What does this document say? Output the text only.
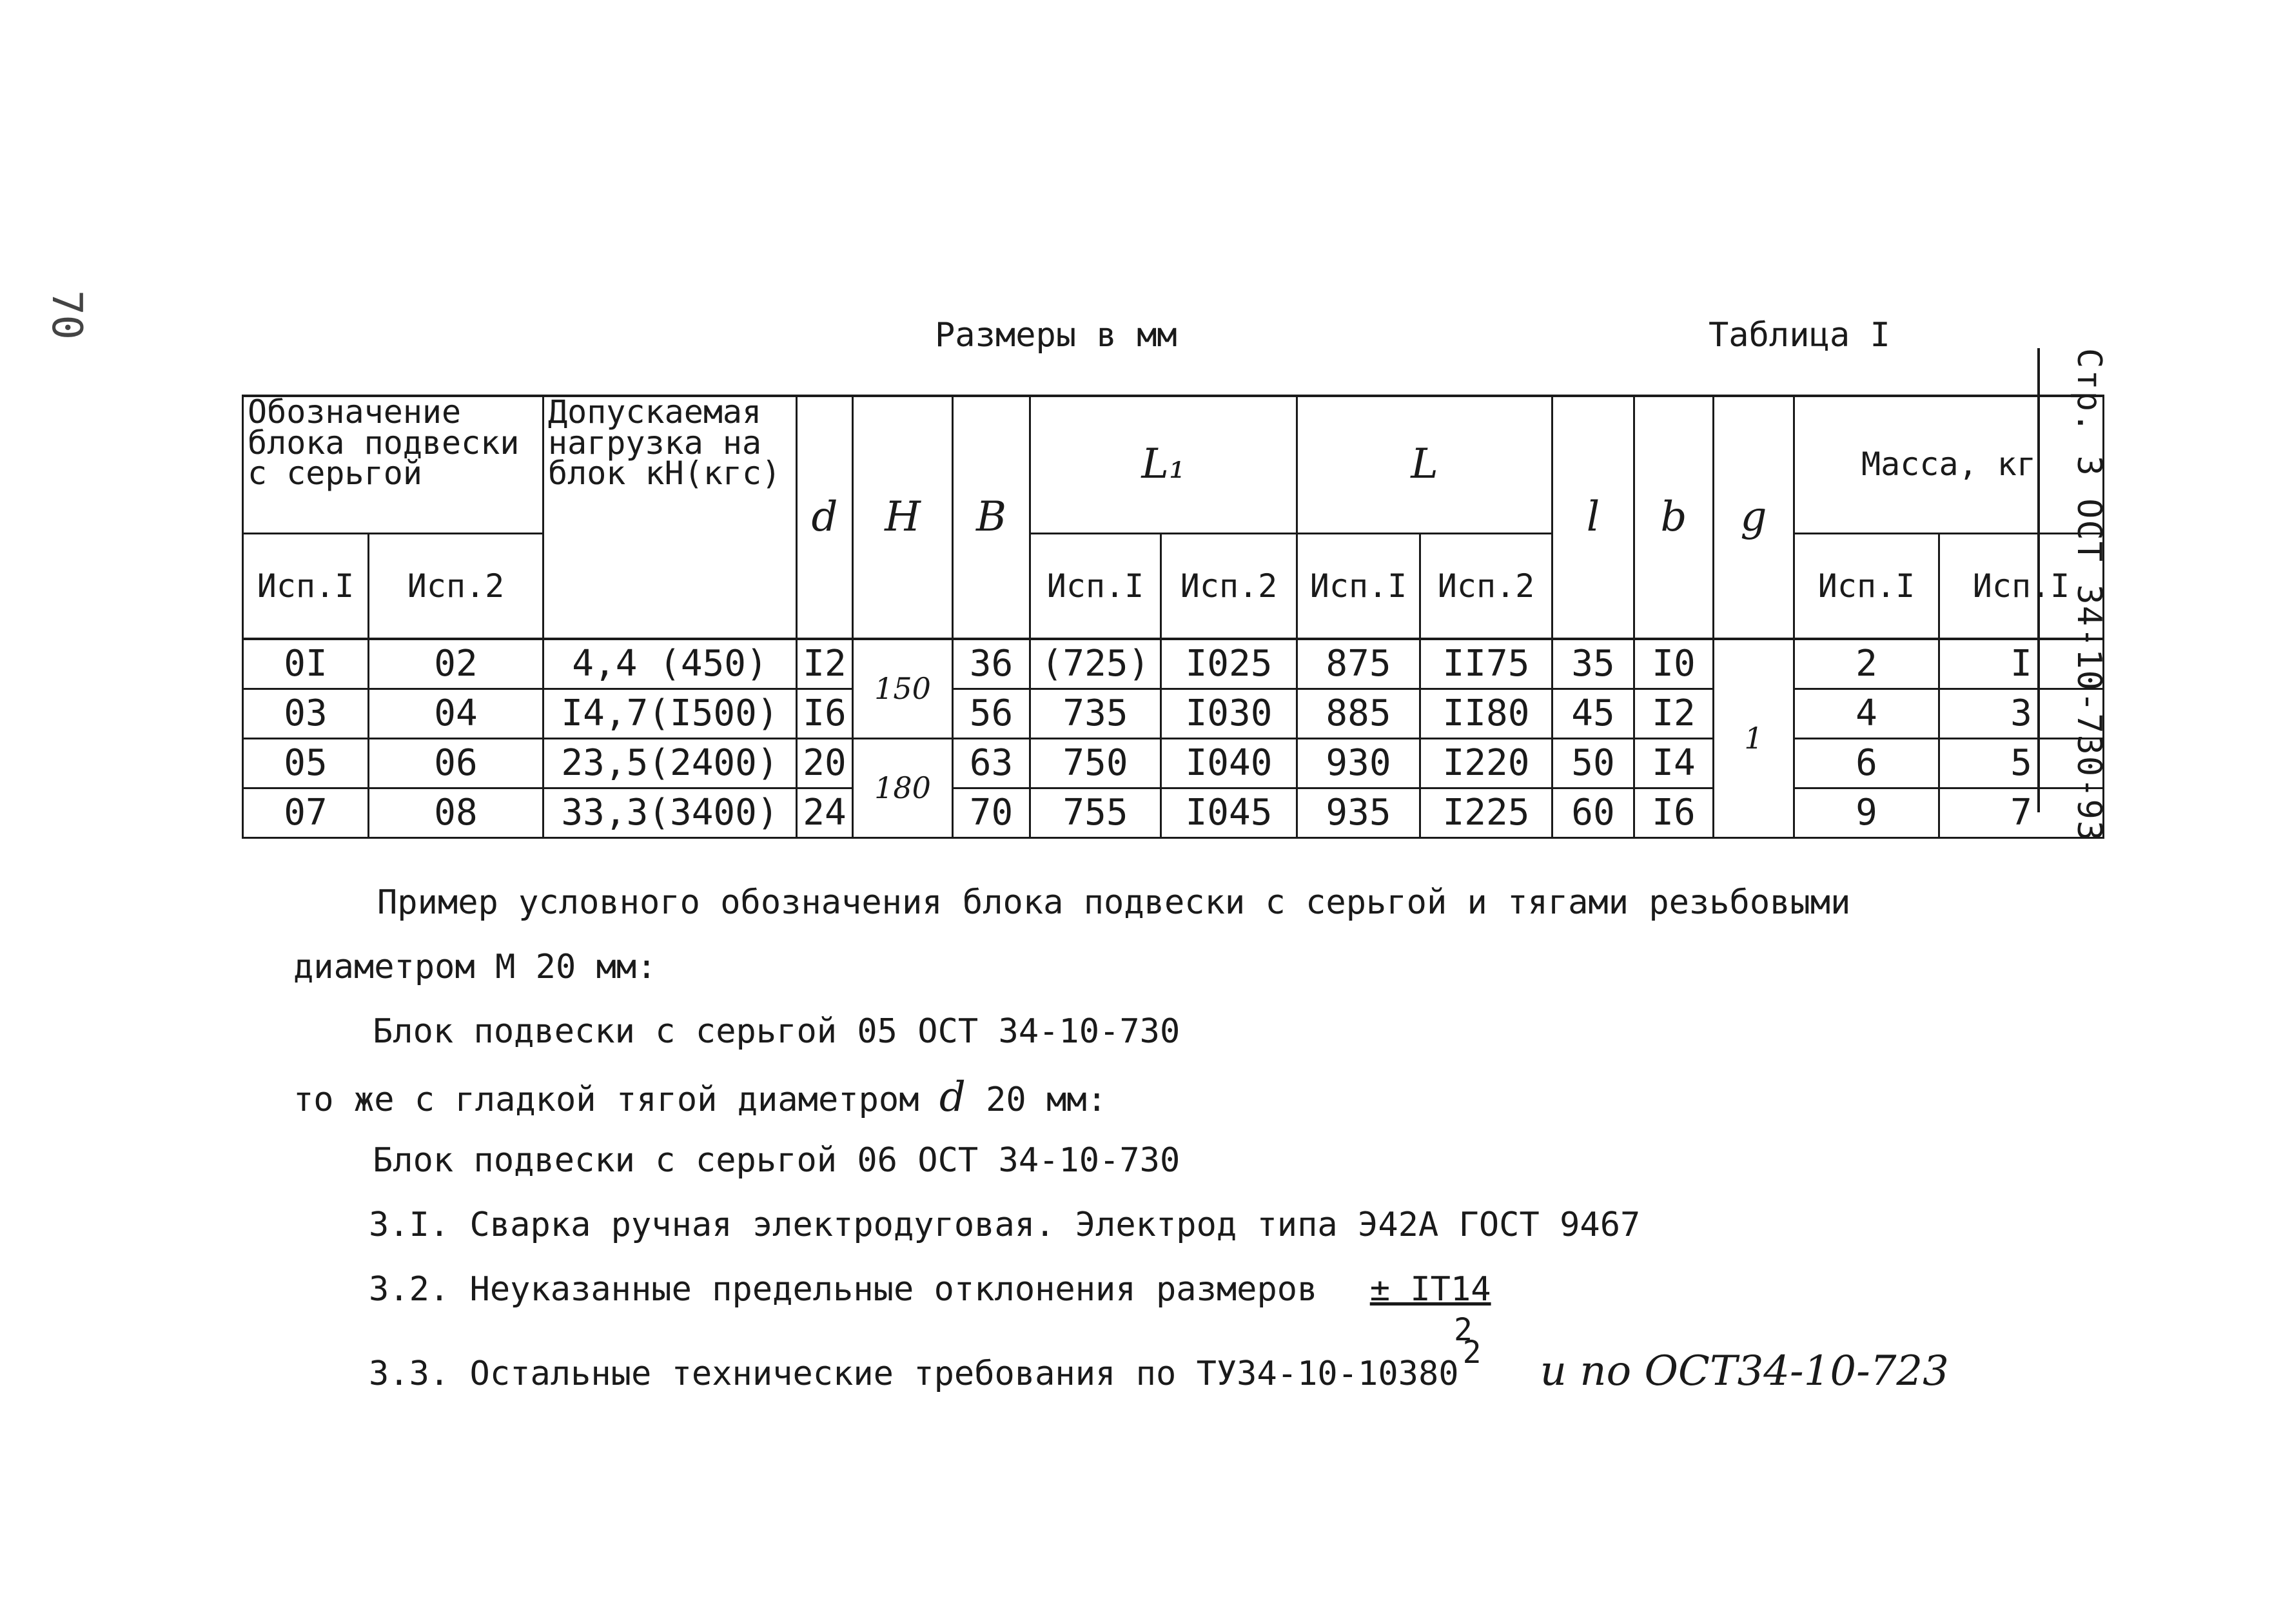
70	Размеры в мм	Таблица I
Стр. 3 ОСТ 34-10-730-93
Обозначение блока подвески с серьгой		Допускаемая нагрузка на блок кН(кгс)	d	H	B	L₁		L		l	b	g	Масса, кг	
Исп.I	Исп.2					Исп.I	Исп.2	Исп.I	Исп.2				Исп.I	Исп.I

0I	02	4,4 (450)	I2	150	36	(725)	I025	875	II75	35	I0	1	2	I
03	04	I4,7(I500)	I6		56	735	I030	885	II80	45	I2		4	3
05	06	23,5(2400)	20	180	63	750	I040	930	I220	50	I4		6	5
07	08	33,3(3400)	24		70	755	I045	935	I225	60	I6		9	7
Пример условного обозначения блока подвески с серьгой и тягами резьбовыми
диаметром М 20 мм:
Блок подвески с серьгой 05 ОСТ 34-10-730
то же с гладкой тягой диаметром d 20 мм:
Блок подвески с серьгой 06 ОСТ 34-10-730
3.I. Сварка ручная электродуговая. Электрод типа Э42А ГОСТ 9467
3.2. Неуказанные предельные отклонения размеров ± IT14
2
3.3. Остальные технические требования по ТУ34-10-103802 и по ОСТ34-10-723
